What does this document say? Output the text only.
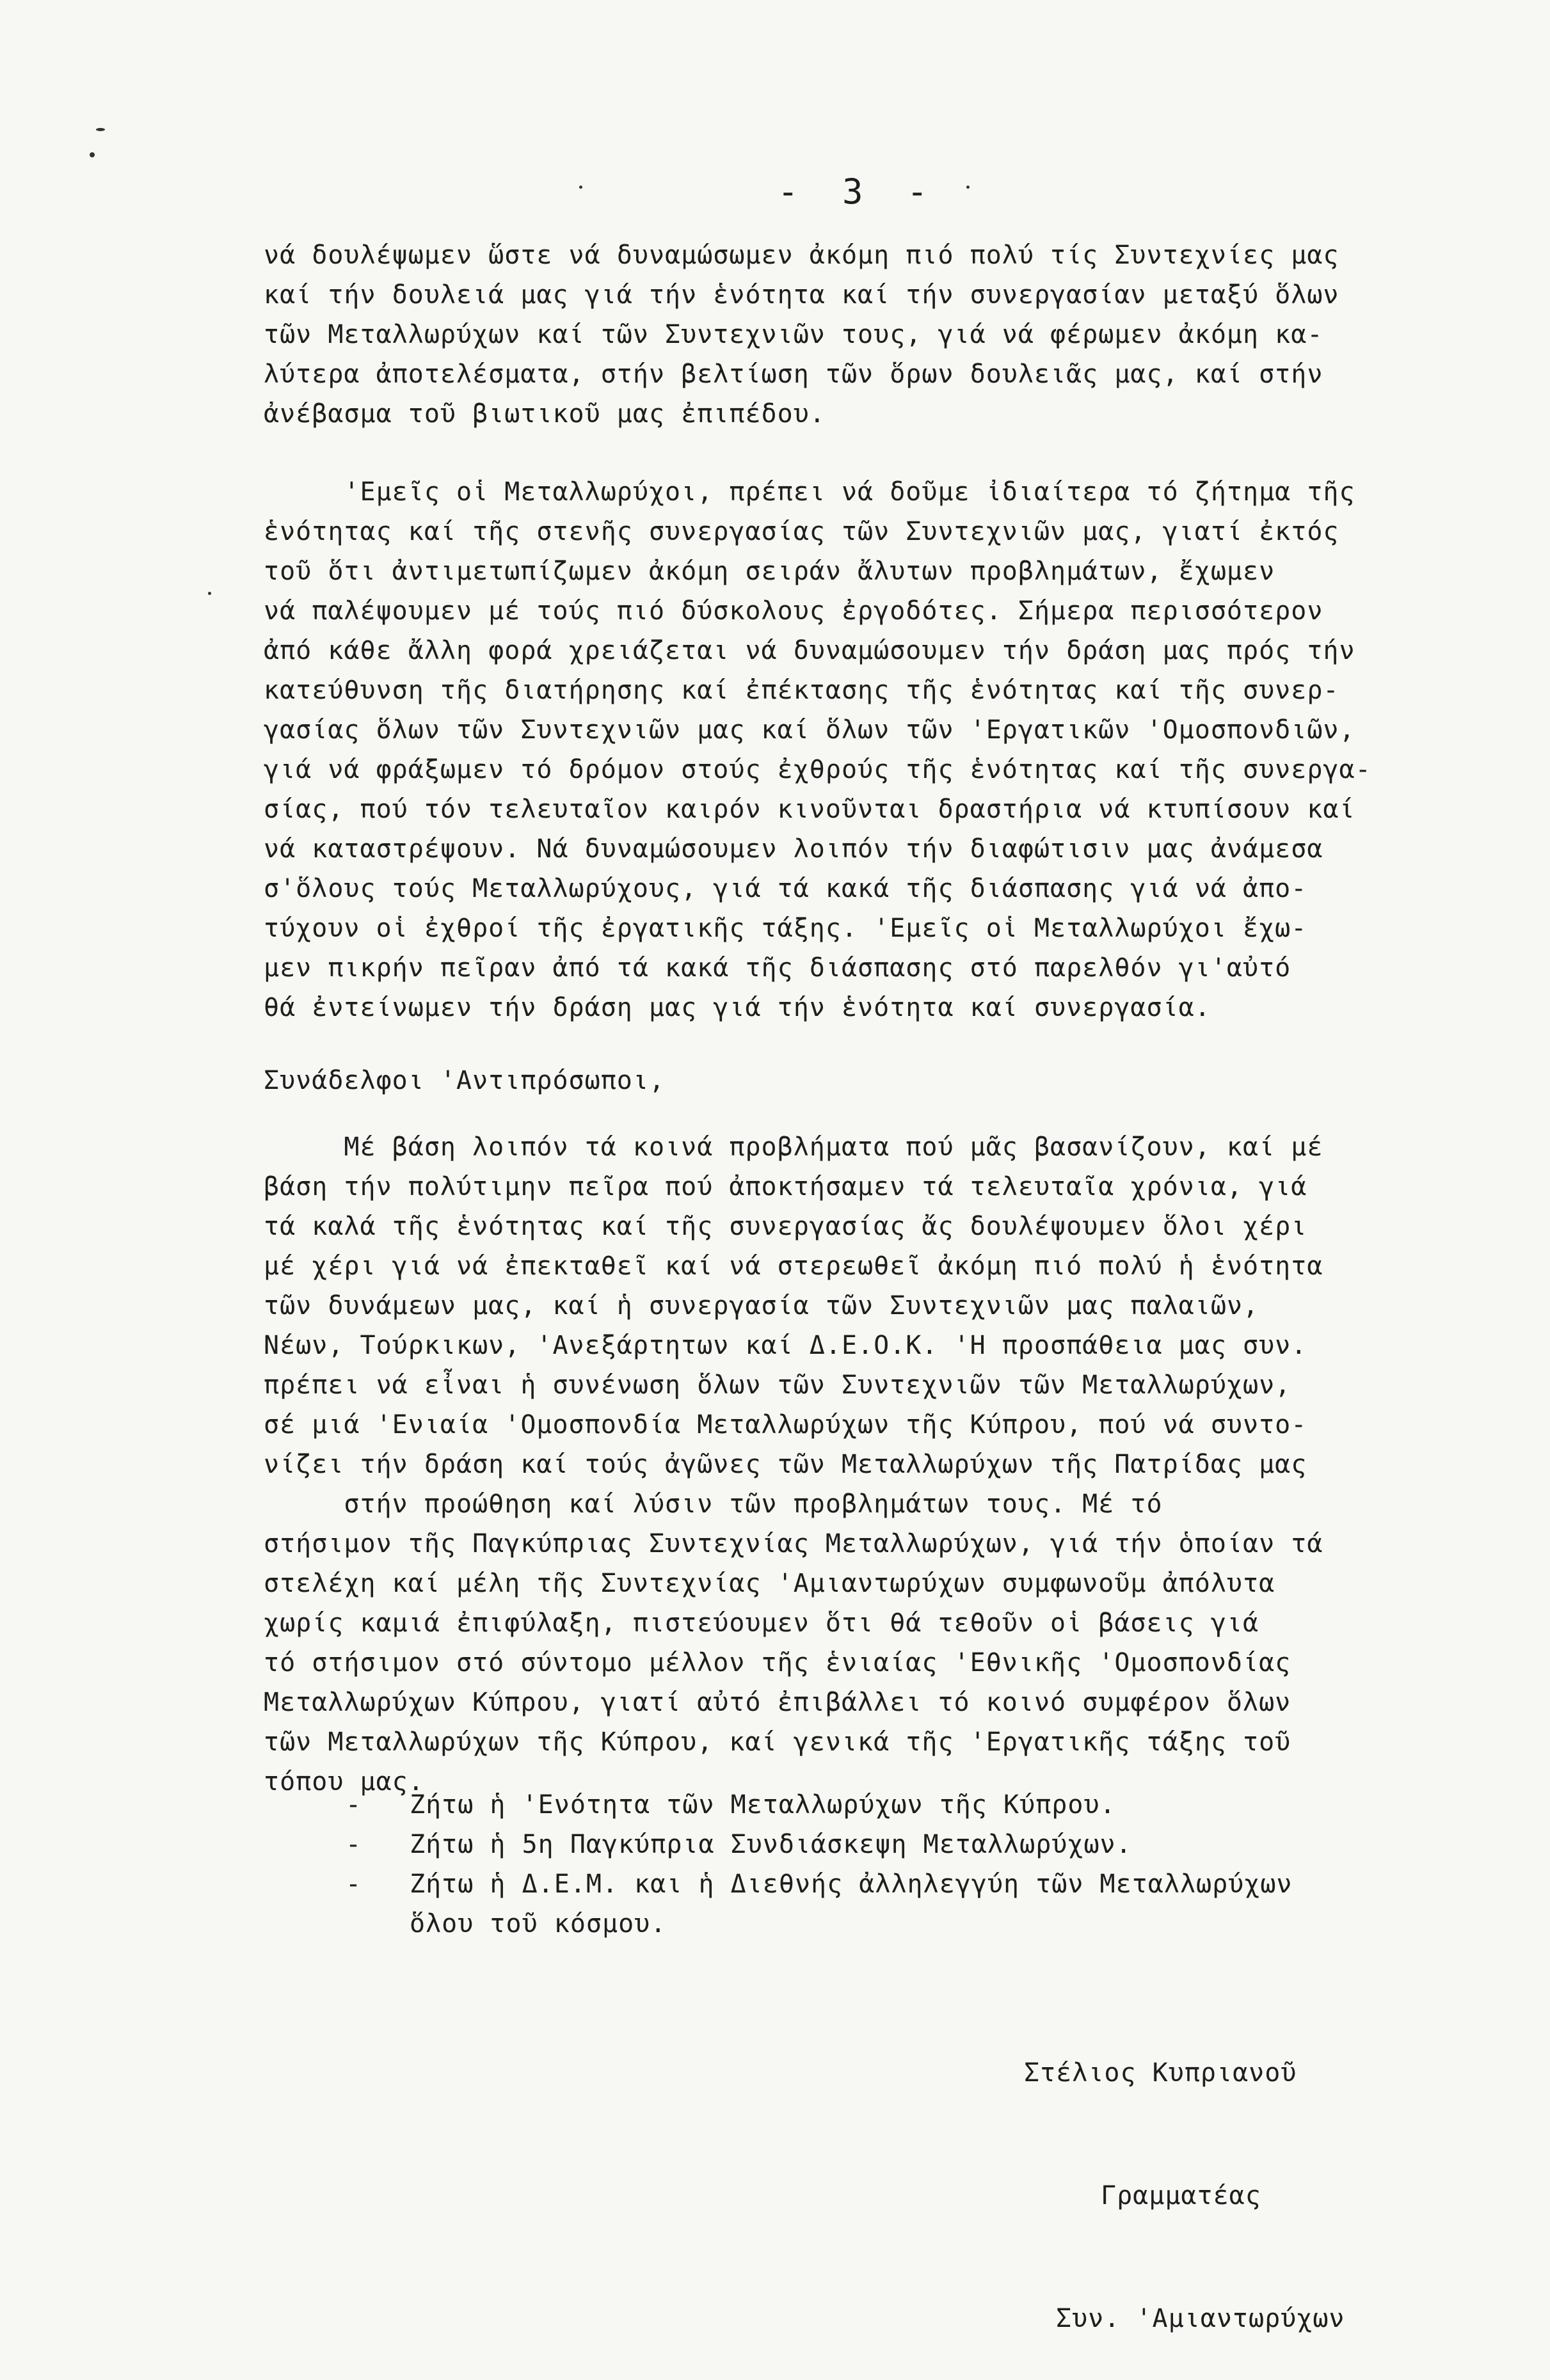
- 3 -
νά δουλέψωμεν ὥστε νά δυναμώσωμεν ἀκόμη πιό πολύ τίς Συντεχνίες μας
καί τήν δουλειά μας γιά τήν ἑνότητα καί τήν συνεργασίαν μεταξύ ὅλων
τῶν Μεταλλωρύχων καί τῶν Συντεχνιῶν τους, γιά νά φέρωμεν ἀκόμη κα-
λύτερα ἀποτελέσματα, στήν βελτίωση τῶν ὅρων δουλειᾶς μας, καί στήν
ἀνέβασμα τοῦ βιωτικοῦ μας ἐπιπέδου.
'Εμεῖς οἱ Μεταλλωρύχοι, πρέπει νά δοῦμε ἰδιαίτερα τό ζήτημα τῆς
ἑνότητας καί τῆς στενῆς συνεργασίας τῶν Συντεχνιῶν μας, γιατί ἐκτός
τοῦ ὅτι ἀντιμετωπίζωμεν ἀκόμη σειράν ἄλυτων προβλημάτων, ἔχωμεν
νά παλέψουμεν μέ τούς πιό δύσκολους ἐργοδότες. Σήμερα περισσότερον
ἀπό κάθε ἄλλη φορά χρειάζεται νά δυναμώσουμεν τήν δράση μας πρός τήν
κατεύθυνση τῆς διατήρησης καί ἐπέκτασης τῆς ἑνότητας καί τῆς συνερ-
γασίας ὅλων τῶν Συντεχνιῶν μας καί ὅλων τῶν 'Εργατικῶν 'Ομοσπονδιῶν,
γιά νά φράξωμεν τό δρόμον στούς ἐχθρούς τῆς ἑνότητας καί τῆς συνεργα-
σίας, πού τόν τελευταῖον καιρόν κινοῦνται δραστήρια νά κτυπίσουν καί
νά καταστρέψουν. Νά δυναμώσουμεν λοιπόν τήν διαφώτισιν μας ἀνάμεσα
σ'ὅλους τούς Μεταλλωρύχους, γιά τά κακά τῆς διάσπασης γιά νά ἀπο-
τύχουν οἱ ἐχθροί τῆς ἐργατικῆς τάξης. 'Εμεῖς οἱ Μεταλλωρύχοι ἔχω-
μεν πικρήν πεῖραν ἀπό τά κακά τῆς διάσπασης στό παρελθόν γι'αὐτό
θά ἐντείνωμεν τήν δράση μας γιά τήν ἑνότητα καί συνεργασία.
Συνάδελφοι 'Αντιπρόσωποι,
Μέ βάση λοιπόν τά κοινά προβλήματα πού μᾶς βασανίζουν, καί μέ
βάση τήν πολύτιμην πεῖρα πού ἀποκτήσαμεν τά τελευταῖα χρόνια, γιά
τά καλά τῆς ἑνότητας καί τῆς συνεργασίας ἄς δουλέψουμεν ὅλοι χέρι
μέ χέρι γιά νά ἐπεκταθεῖ καί νά στερεωθεῖ ἀκόμη πιό πολύ ἡ ἑνότητα
τῶν δυνάμεων μας, καί ἡ συνεργασία τῶν Συντεχνιῶν μας παλαιῶν,
Νέων, Τούρκικων, 'Ανεξάρτητων καί Δ.Ε.Ο.Κ. 'Η προσπάθεια μας συν.
πρέπει νά εἶναι ἡ συνένωση ὅλων τῶν Συντεχνιῶν τῶν Μεταλλωρύχων,
σέ μιά 'Ενιαία 'Ομοσπονδία Μεταλλωρύχων τῆς Κύπρου, πού νά συντο-
νίζει τήν δράση καί τούς ἀγῶνες τῶν Μεταλλωρύχων τῆς Πατρίδας μας
στήν προώθηση καί λύσιν τῶν προβλημάτων τους. Μέ τό
στήσιμον τῆς Παγκύπριας Συντεχνίας Μεταλλωρύχων, γιά τήν ὁποίαν τά
στελέχη καί μέλη τῆς Συντεχνίας 'Αμιαντωρύχων συμφωνοῦμ ἀπόλυτα
χωρίς καμιά ἐπιφύλαξη, πιστεύουμεν ὅτι θά τεθοῦν οἱ βάσεις γιά
τό στήσιμον στό σύντομο μέλλον τῆς ἑνιαίας 'Εθνικῆς 'Ομοσπονδίας
Μεταλλωρύχων Κύπρου, γιατί αὐτό ἐπιβάλλει τό κοινό συμφέρον ὅλων
τῶν Μεταλλωρύχων τῆς Κύπρου, καί γενικά τῆς 'Εργατικῆς τάξης τοῦ
τόπου μας.
-	Ζήτω ἡ 'Ενότητα τῶν Μεταλλωρύχων τῆς Κύπρου.
-	Ζήτω ἡ 5η Παγκύπρια Συνδιάσκεψη Μεταλλωρύχων.
-	Ζήτω ἡ Δ.Ε.Μ. και ἡ Διεθνής ἀλληλεγγύη τῶν Μεταλλωρύχων
ὅλου τοῦ κόσμου.

Στέλιος Κυπριανοῦ

Γραμματέας

Συν. 'Αμιαντωρύχων
